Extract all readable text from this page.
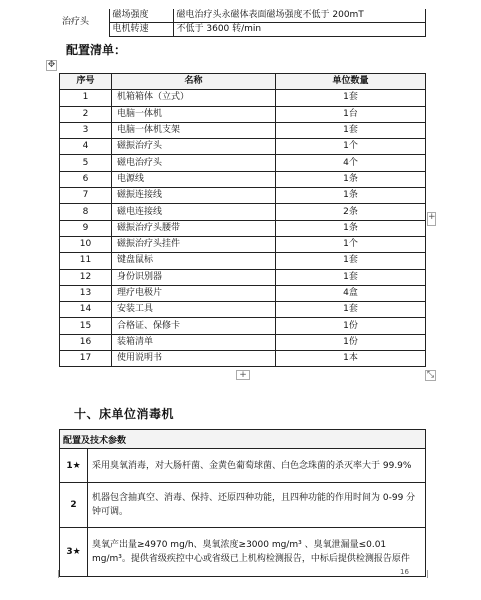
治疗头	磁场强度	磁电治疗头永磁体表面磁场强度不低于 200mT
	电机转速	不低于 3600 转/min
配置清单：
✥
序号	名称	单位数量
1	机箱箱体（立式）	1套
2	电脑一体机	1台
3	电脑一体机支架	1套
4	磁振治疗头	1个
5	磁电治疗头	4个
6	电源线	1条
7	磁振连接线	1条
8	磁电连接线	2条
9	磁振治疗头腰带	1条
10	磁振治疗头挂件	1个
11	键盘鼠标	1套
12	身份识别器	1套
13	理疗电极片	4盒
14	安装工具	1套
15	合格证、保修卡	1份
16	装箱清单	1份
17	使用说明书	1本
+
+
⤡
十、床单位消毒机
配置及技术参数	
1★	采用臭氧消毒，对大肠杆菌、金黄色葡萄球菌、白色念珠菌的杀灭率大于 99.9%
2	机器包含抽真空、消毒、保持、还原四种功能，且四种功能的作用时间为 0-99 分钟可调。
3★	臭氧产出量≥4970 mg/h、臭氧浓度≥3000 mg/m³ 、臭氧泄漏量≤0.01 mg/m³。提供省级疾控中心或省级已上机构检测报告，中标后提供检测报告原件
16
